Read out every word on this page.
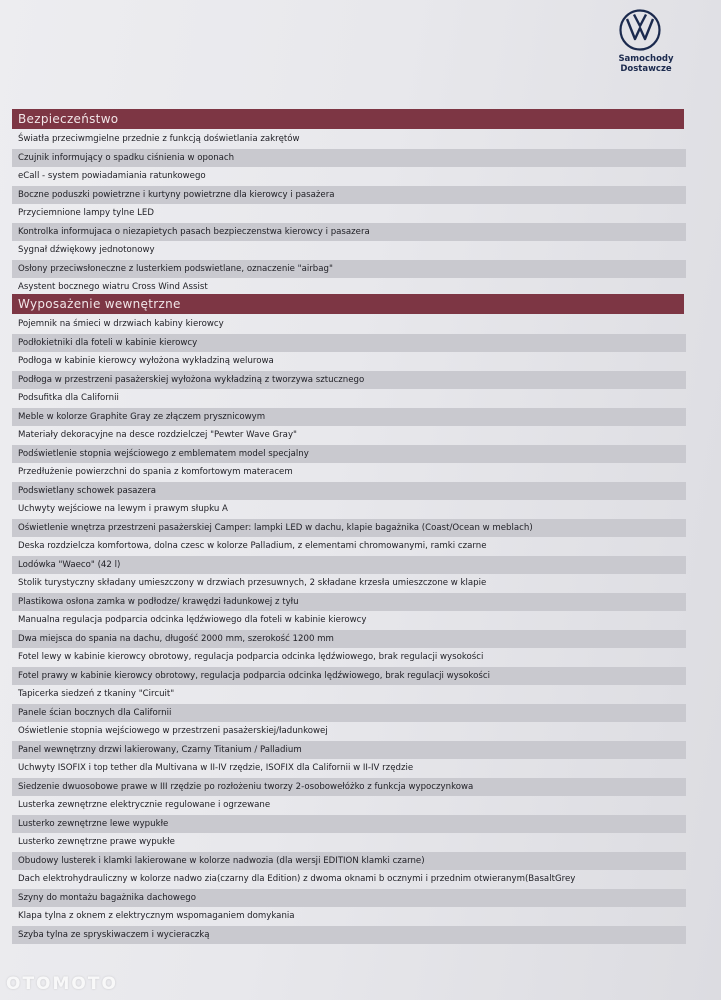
Samochody
Dostawcze
Bezpieczeństwo
Światła przeciwmgielne przednie z funkcją doświetlania zakrętów
Czujnik informujący o spadku ciśnienia w oponach
eCall - system powiadamiania ratunkowego
Boczne poduszki powietrzne i kurtyny powietrzne dla kierowcy i pasażera
Przyciemnione lampy tylne LED
Kontrolka informujaca o niezapietych pasach bezpieczenstwa kierowcy i pasazera
Sygnał dźwiękowy jednotonowy
Osłony przeciwsłoneczne z lusterkiem podswietlane, oznaczenie "airbag"
Asystent bocznego wiatru Cross Wind Assist
Wyposażenie wewnętrzne
Pojemnik na śmieci w drzwiach kabiny kierowcy
Podłokietniki dla foteli w kabinie kierowcy
Podłoga w kabinie kierowcy wyłożona wykładziną welurowa
Podłoga w przestrzeni pasażerskiej wyłożona wykładziną z tworzywa sztucznego
Podsufitka dla Californii
Meble w kolorze Graphite Gray ze złączem prysznicowym
Materiały dekoracyjne na desce rozdzielczej "Pewter Wave Gray"
Podświetlenie stopnia wejściowego z emblematem model specjalny
Przedłużenie powierzchni do spania z komfortowym materacem
Podswietlany schowek pasazera
Uchwyty wejściowe na lewym i prawym słupku A
Oświetlenie wnętrza przestrzeni pasażerskiej Camper: lampki LED w dachu, klapie bagażnika (Coast/Ocean w meblach)
Deska rozdzielcza komfortowa, dolna czesc w kolorze Palladium, z elementami chromowanymi, ramki czarne
Lodówka "Waeco" (42 l)
Stolik turystyczny składany umieszczony w drzwiach przesuwnych, 2 składane krzesła umieszczone w klapie
Plastikowa osłona zamka w podłodze/ krawędzi ładunkowej z tyłu
Manualna regulacja podparcia odcinka lędźwiowego dla foteli w kabinie kierowcy
Dwa miejsca do spania na dachu, długość 2000 mm, szerokość 1200 mm
Fotel lewy w kabinie kierowcy obrotowy, regulacja podparcia odcinka lędźwiowego, brak regulacji wysokości
Fotel prawy w kabinie kierowcy obrotowy, regulacja podparcia odcinka lędźwiowego, brak regulacji wysokości
Tapicerka siedzeń z tkaniny "Circuit"
Panele ścian bocznych dla Californii
Oświetlenie stopnia wejściowego w przestrzeni pasażerskiej/ładunkowej
Panel wewnętrzny drzwi lakierowany, Czarny Titanium / Palladium
Uchwyty ISOFIX i top tether dla Multivana w II-IV rzędzie, ISOFIX dla Californii w II-IV rzędzie
Siedzenie dwuosobowe prawe w III rzędzie po rozłożeniu tworzy 2-osobowełóżko z funkcja wypoczynkowa
Lusterka zewnętrzne elektrycznie regulowane i ogrzewane
Lusterko zewnętrzne lewe wypukłe
Lusterko zewnętrzne prawe wypukłe
Obudowy lusterek i klamki lakierowane w kolorze nadwozia (dla wersji EDITION klamki czarne)
Dach elektrohydrauliczny w kolorze nadwo zia(czarny dla Edition) z dwoma oknami b ocznymi i przednim otwieranym(BasaltGrey
Szyny do montażu bagażnika dachowego
Klapa tylna z oknem z elektrycznym wspomaganiem domykania
Szyba tylna ze spryskiwaczem i wycieraczką
OTOMOTO
